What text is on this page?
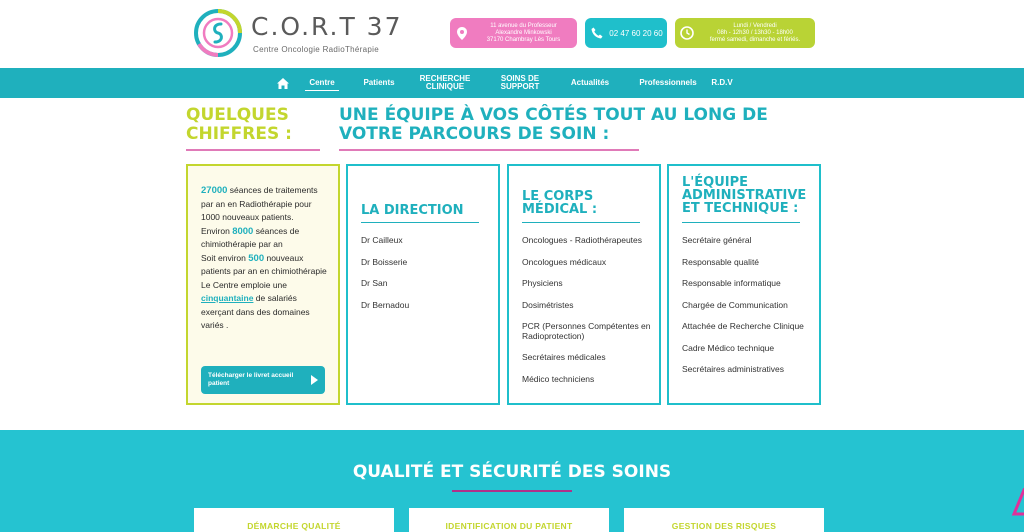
C.O.R.T 37
Centre Oncologie RadioThérapie
11 avenue du Professeur
Alexandre Minkowski
37170 Chambray Lès Tours
02 47 60 20 60
Lundi / Vendredi
08h - 12h30 / 13h30 - 18h00
fermé samedi, dimanche et fériés.
Centre	Patients	RECHERCHE
CLINIQUE
SOINS DE
SUPPORT	Actualités	Professionnels	R.D.V
QUELQUES
CHIFFRES :
UNE ÉQUIPE À VOS CÔTÉS TOUT AU LONG DE
VOTRE PARCOURS DE SOIN :
27000 séances de traitements par an en Radiothérapie pour 1000 nouveaux patients.
Environ 8000 séances de chimiothérapie par an
Soit environ 500 nouveaux patients par an en chimiothérapie
Le Centre emploie une cinquantaine de salariés exerçant dans des domaines variés .
Télécharger le livret accueil
patient
LA DIRECTION
Dr Cailleux
Dr Boisserie
Dr San
Dr Bernadou
LE CORPS
MÉDICAL :
Oncologues - Radiothérapeutes
Oncologues médicaux
Physiciens
Dosimétristes
PCR (Personnes Compétentes en Radioprotection)
Secrétaires médicales
Médico techniciens
L'ÉQUIPE
ADMINISTRATIVE
ET TECHNIQUE :
Secrétaire général
Responsable qualité
Responsable informatique
Chargée de Communication
Attachée de Recherche Clinique
Cadre Médico technique
Secrétaires administratives
QUALITÉ ET SÉCURITÉ DES SOINS
DÉMARCHE QUALITÉ	IDENTIFICATION DU PATIENT	GESTION DES RISQUES
